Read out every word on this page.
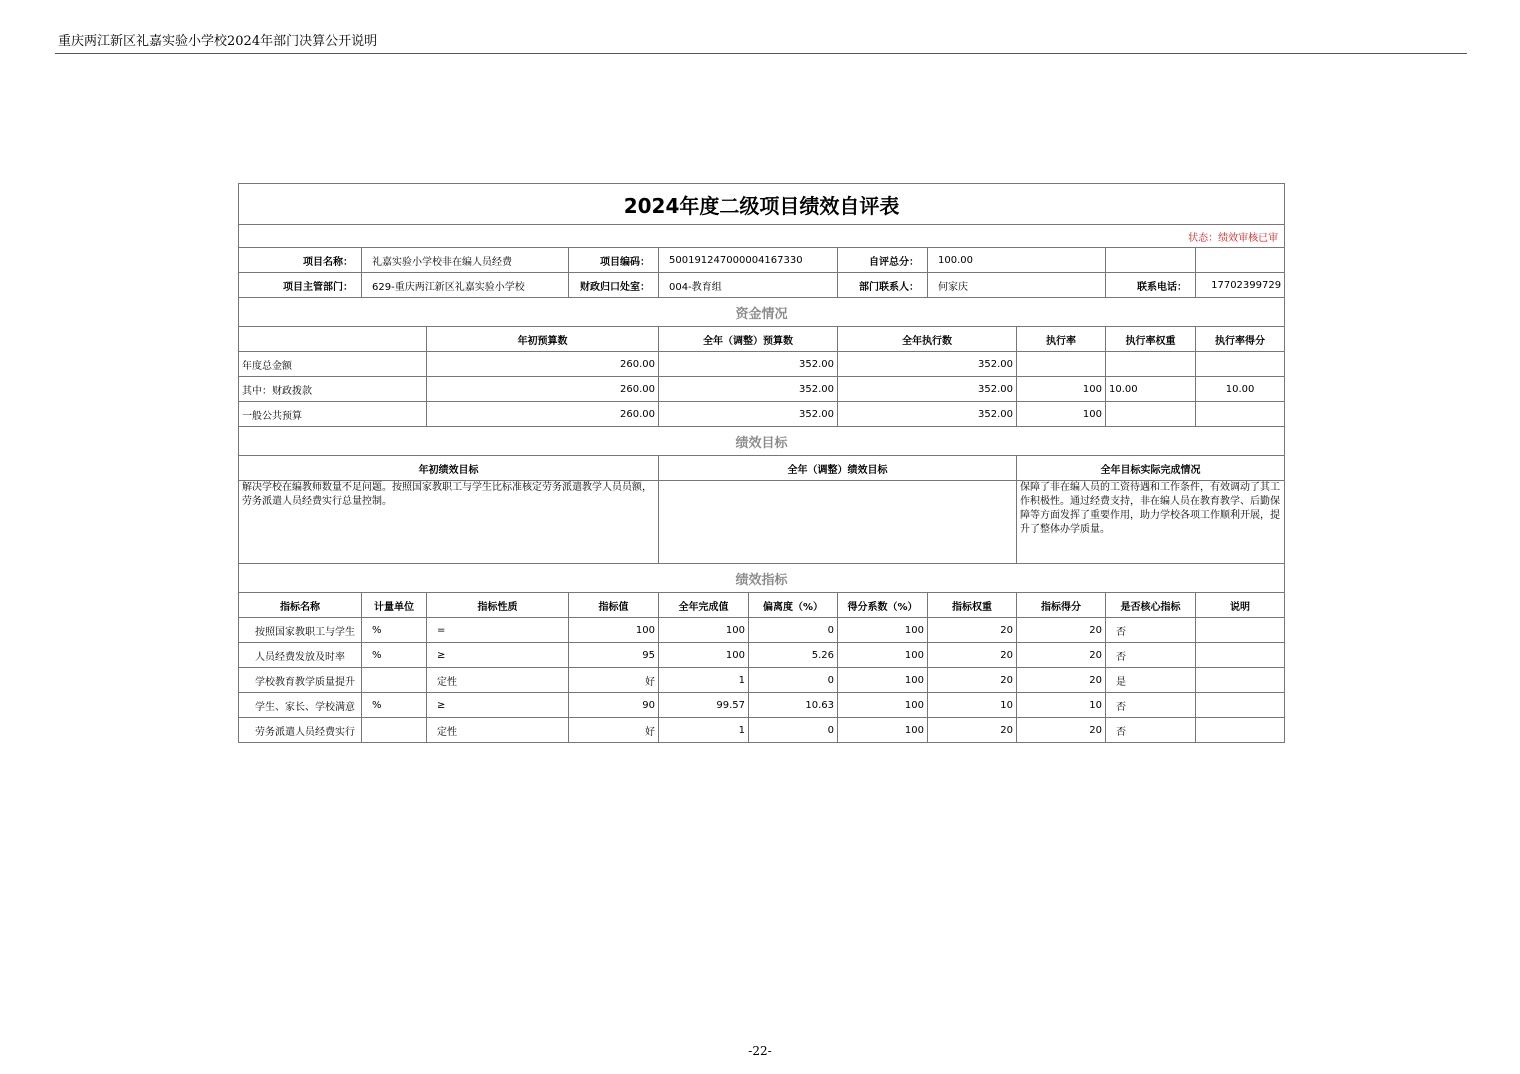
重庆两江新区礼嘉实验小学校2024年部门决算公开说明
2024年度二级项目绩效自评表										
状态：绩效审核已审										
项目名称：	礼嘉实验小学校非在编人员经费		项目编码：	500191247000004167330		自评总分：	100.00			
项目主管部门：	629-重庆两江新区礼嘉实验小学校		财政归口处室：	004-教育组		部门联系人：	何家庆		联系电话：	17702399729
资金情况										
		年初预算数		全年（调整）预算数		全年执行数		执行率	执行率权重	执行率得分
年度总金额		260.00		352.00		352.00				
其中：财政拨款		260.00		352.00		352.00		100	10.00	10.00
一般公共预算		260.00		352.00		352.00		100		
绩效目标										
年初绩效目标				全年（调整）绩效目标				全年目标实际完成情况		
解决学校在编教师数量不足问题。按照国家教职工与学生比标准核定劳务派遣教学人员员额，劳务派遣人员经费实行总量控制。								保障了非在编人员的工资待遇和工作条件，有效调动了其工作积极性。通过经费支持，非在编人员在教育教学、后勤保障等方面发挥了重要作用，助力学校各项工作顺利开展，提升了整体办学质量。		
绩效指标										
指标名称	计量单位	指标性质	指标值	全年完成值	偏离度（%）	得分系数（%）	指标权重	指标得分	是否核心指标	说明
按照国家教职工与学生	%	=	100	100	0	100	20	20	否	
人员经费发放及时率	%	≥	95	100	5.26	100	20	20	否	
学校教育教学质量提升		定性	好	1	0	100	20	20	是	
学生、家长、学校满意	%	≥	90	99.57	10.63	100	10	10	否	
劳务派遣人员经费实行		定性	好	1	0	100	20	20	否	
-22-
